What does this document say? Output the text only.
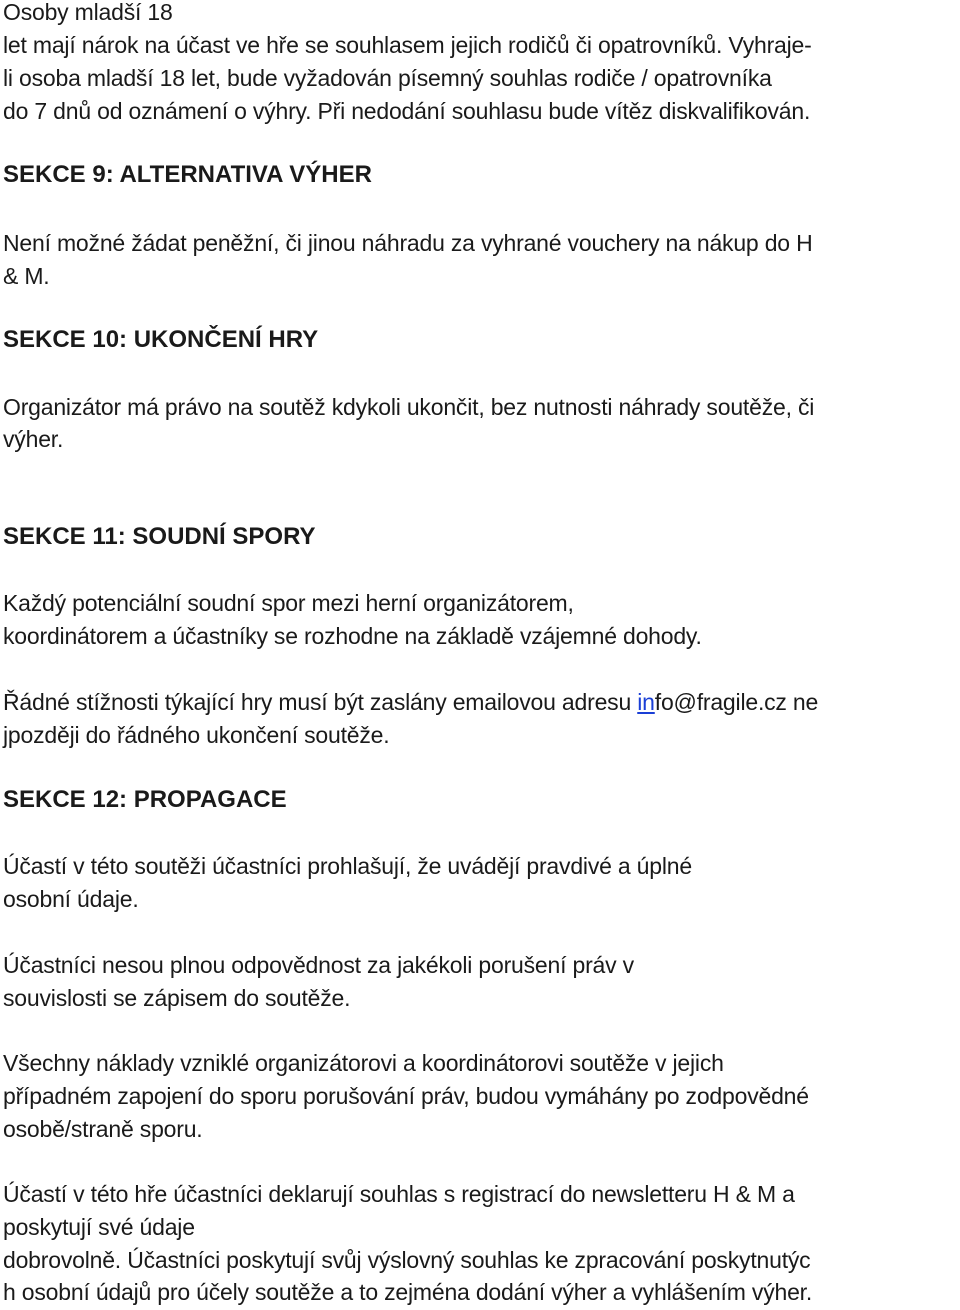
Osoby mladší 18
let mají nárok na účast ve hře se souhlasem jejich rodičů či opatrovníků. Vyhraje-
li osoba mladší 18 let, bude vyžadován písemný souhlas rodiče / opatrovníka
do 7 dnů od oznámení o výhry. Při nedodání souhlasu bude vítěz diskvalifikován.
SEKCE 9: ALTERNATIVA VÝHER
Není možné žádat peněžní, či jinou náhradu za vyhrané vouchery na nákup do H
& M.
SEKCE 10: UKONČENÍ HRY
Organizátor má právo na soutěž kdykoli ukončit, bez nutnosti náhrady soutěže, či
výher.
SEKCE 11: SOUDNÍ SPORY
Každý potenciální soudní spor mezi herní organizátorem,
koordinátorem a účastníky se rozhodne na základě vzájemné dohody.
Řádné stížnosti týkající hry musí být zaslány emailovou adresu info@fragile.cz ne
jpozději do řádného ukončení soutěže.
SEKCE 12: PROPAGACE
Účastí v této soutěži účastníci prohlašují, že uvádějí pravdivé a úplné
osobní údaje.
Účastníci nesou plnou odpovědnost za jakékoli porušení práv v
souvislosti se zápisem do soutěže.
Všechny náklady vzniklé organizátorovi a koordinátorovi soutěže v jejich
případném zapojení do sporu porušování práv, budou vymáhány po zodpovědné
osobě/straně sporu.
Účastí v této hře účastníci deklarují souhlas s registrací do newsletteru H & M a
poskytují své údaje
dobrovolně. Účastníci poskytují svůj výslovný souhlas ke zpracování poskytnutýc
h osobní údajů pro účely soutěže a to zejména dodání výher a vyhlášením výher.
